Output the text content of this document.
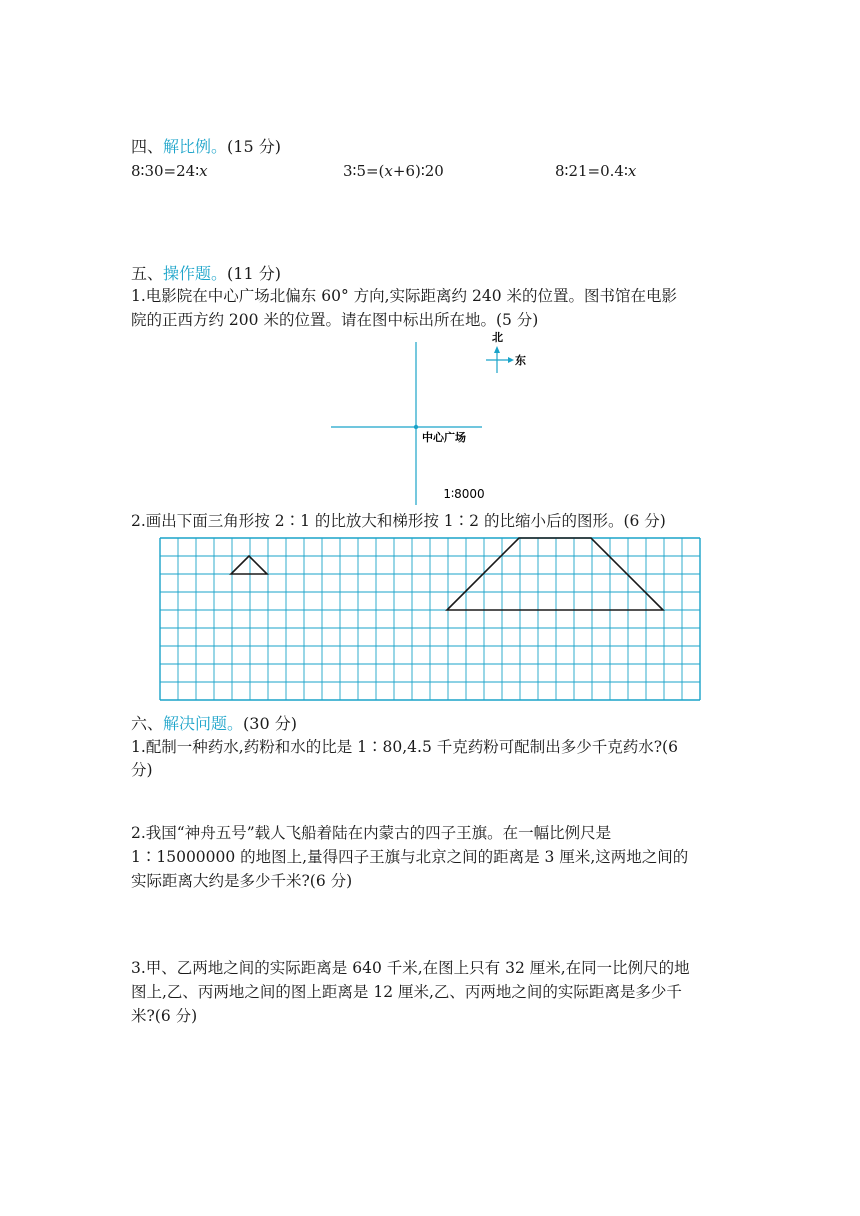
四、解比例。(15 分)
8∶30=24∶x	3∶5=(x+6)∶20	8∶21=0.4∶x
五、操作题。(11 分)
1.电影院在中心广场北偏东 60° 方向,实际距离约 240 米的位置。图书馆在电影
院的正西方约 200 米的位置。请在图中标出所在地。(5 分)
北
东
中心广场
1∶8000
2.画出下面三角形按 2∶1 的比放大和梯形按 1∶2 的比缩小后的图形。(6 分)
六、解决问题。(30 分)
1.配制一种药水,药粉和水的比是 1∶80,4.5 千克药粉可配制出多少千克药水?(6
分)
2.我国“神舟五号”载人飞船着陆在内蒙古的四子王旗。在一幅比例尺是
1∶15000000 的地图上,量得四子王旗与北京之间的距离是 3 厘米,这两地之间的
实际距离大约是多少千米?(6 分)
3.甲、乙两地之间的实际距离是 640 千米,在图上只有 32 厘米,在同一比例尺的地
图上,乙、丙两地之间的图上距离是 12 厘米,乙、丙两地之间的实际距离是多少千
米?(6 分)
